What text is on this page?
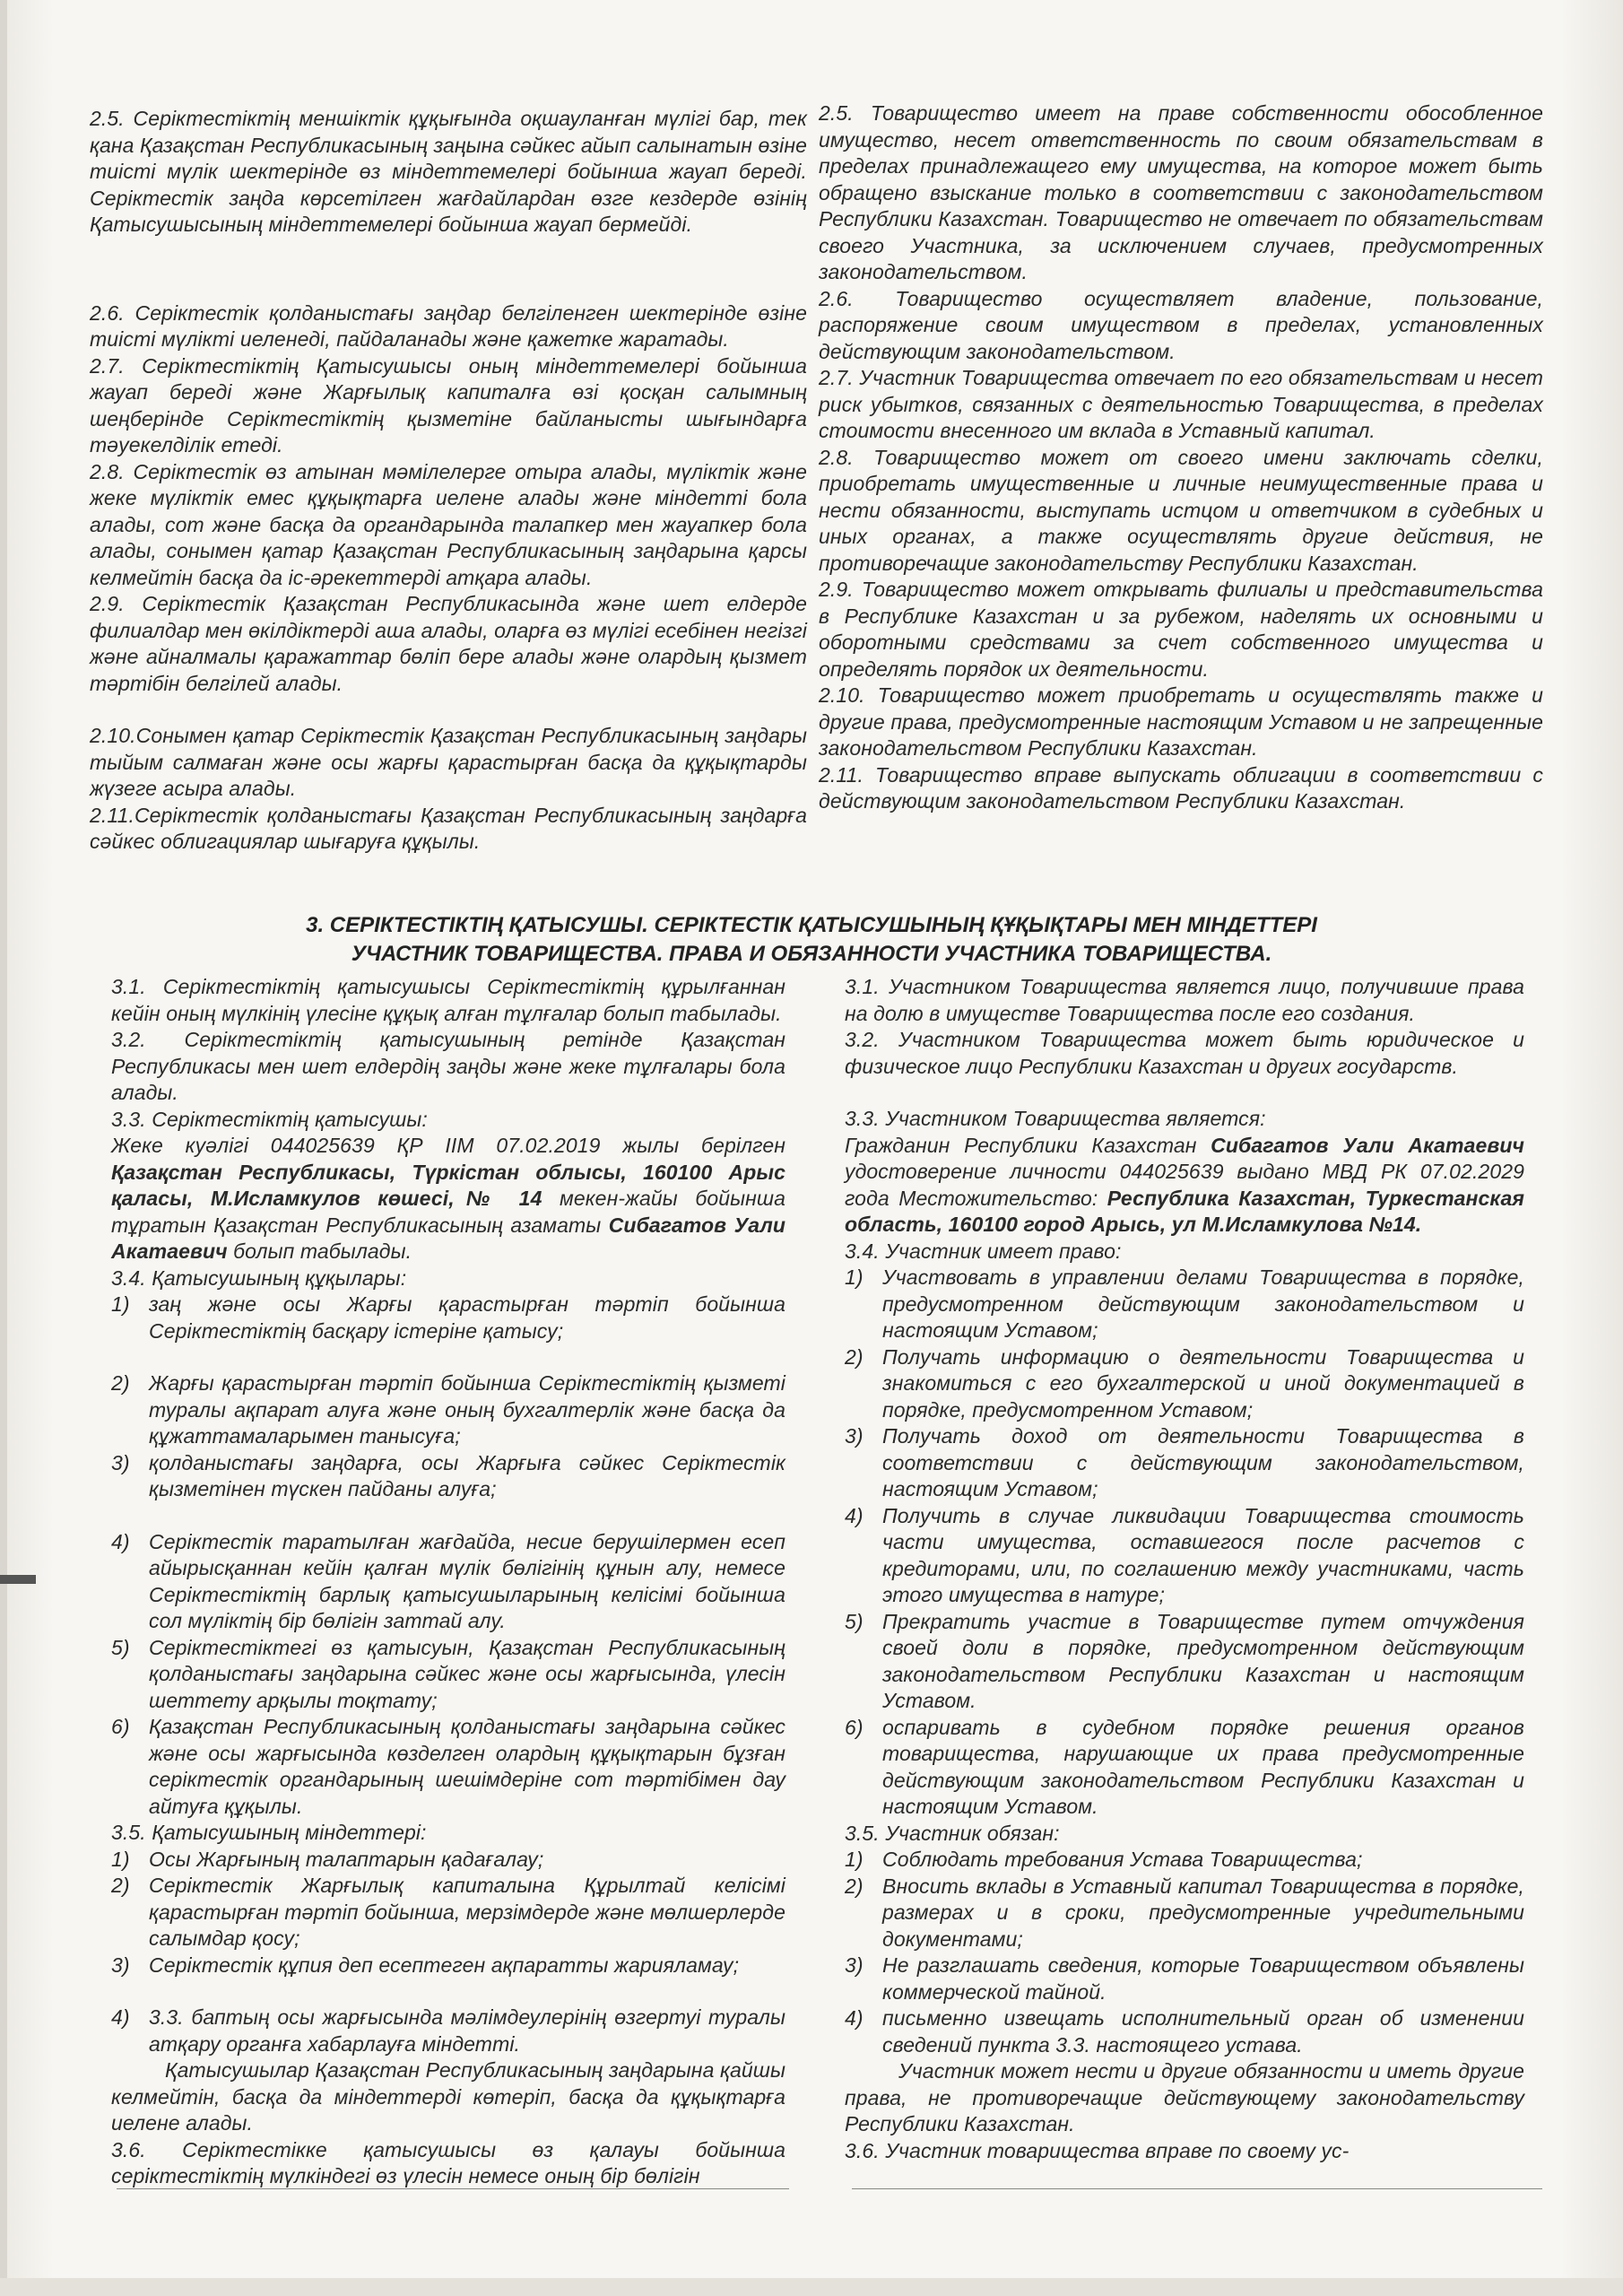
2.5. Серіктестіктің меншіктік құқығында оқшауланған мүлігі бар, тек қана Қазақстан Республикасының заңына сәйкес айып салынатын өзіне тиісті мүлік шектерінде өз міндеттемелері бойынша жауап береді. Серіктестік заңда көрсетілген жағдайлардан өзге кездерде өзінің Қатысушысының міндеттемелері бойынша жауап бермейді.

2.6. Серіктестік қолданыстағы заңдар белгіленген шектерінде өзіне тиісті мүлікті иеленеді, пайдаланады және қажетке жаратады.

2.7. Серіктестіктің Қатысушысы оның міндеттемелері бойынша жауап береді және Жарғылық капиталға өзі қосқан салымның шеңберінде Серіктестіктің қызметіне байланысты шығындарға тәуекелділік етеді.

2.8. Серіктестік өз атынан мәмілелерге отыра алады, мүліктік және жеке мүліктік емес құқықтарға иелене алады және міндетті бола алады, сот және басқа да органдарында талапкер мен жауапкер бола алады, сонымен қатар Қазақстан Республикасының заңдарына қарсы келмейтін басқа да іс-әрекеттерді атқара алады.

2.9. Серіктестік Қазақстан Республикасында және шет елдерде филиалдар мен өкілдіктерді аша алады, оларға өз мүлігі есебінен негізгі және айналмалы қаражаттар бөліп бере алады және олардың қызмет тәртібін белгілей алады.

2.10.Сонымен қатар Серіктестік Қазақстан Республикасының заңдары тыйым салмаған және осы жарғы қарастырған басқа да құқықтарды жүзеге асыра алады.

2.11.Серіктестік қолданыстағы Қазақстан Республикасының заңдарға сәйкес облигациялар шығаруға құқылы.

2.5. Товарищество имеет на праве собственности обособленное имущество, несет ответственность по своим обязательствам в пределах принадлежащего ему имущества, на которое может быть обращено взыскание только в соответствии с законодательством Республики Казахстан. Товарищество не отвечает по обязательствам своего Участника, за исключением случаев, предусмотренных законодательством.

2.6. Товарищество осуществляет владение, пользование, распоряжение своим имуществом в пределах, установленных действующим законодательством.

2.7. Участник Товарищества отвечает по его обязательствам и несет риск убытков, связанных с деятельностью Товарищества, в пределах стоимости внесенного им вклада в Уставный капитал.

2.8. Товарищество может от своего имени заключать сделки, приобретать имущественные и личные неимущественные права и нести обязанности, выступать истцом и ответчиком в судебных и иных органах, а также осуществлять другие действия, не противоречащие законодательству Республики Казахстан.

2.9. Товарищество может открывать филиалы и представительства в Республике Казахстан и за рубежом, наделять их основными и оборотными средствами за счет собственного имущества и определять порядок их деятельности.

2.10. Товарищество может приобретать и осуществлять также и другие права, предусмотренные настоящим Уставом и не запрещенные законодательством Республики Казахстан.

2.11. Товарищество вправе выпускать облигации в соответствии с действующим законодательством Республики Казахстан.

3. СЕРІКТЕСТІКТІҢ ҚАТЫСУШЫ. СЕРІКТЕСТІК ҚАТЫСУШЫНЫҢ ҚҰҚЫҚТАРЫ МЕН МІНДЕТТЕРІ
УЧАСТНИК ТОВАРИЩЕСТВА. ПРАВА И ОБЯЗАННОСТИ УЧАСТНИКА ТОВАРИЩЕСТВА.

3.1. Серіктестіктің қатысушысы Серіктестіктің құрылғаннан кейін оның мүлкінің үлесіне құқық алған тұлғалар болып табылады.

3.2. Серіктестіктің қатысушының ретінде Қазақстан Республикасы мен шет елдердің заңды және жеке тұлғалары бола алады.

3.3. Серіктестіктің қатысушы:

Жеке куәлігі 044025639 ҚР ІІМ 07.02.2019 жылы берілген Қазақстан Республикасы, Түркістан облысы, 160100 Арыс қаласы, М.Исламкулов көшесі,№ 14 мекен-жайы бойынша тұратын Қазақстан Республикасының азаматы Сибагатов Уали Акатаевич болып табылады.

3.4. Қатысушының құқылары:

1) заң және осы Жарғы қарастырған тәртіп бойынша Серіктестіктің басқару істеріне қатысу;
2) Жарғы қарастырған тәртіп бойынша Серіктестіктің қызметі туралы ақпарат алуға және оның бухгалтерлік және басқа да құжаттамаларымен танысуға;
3) қолданыстағы заңдарға, осы Жарғыға сәйкес Серіктестік қызметінен түскен пайданы алуға;
4) Серіктестік таратылған жағдайда, несие берушілермен есеп айырысқаннан кейін қалған мүлік бөлігінің құнын алу, немесе Серіктестіктің барлық қатысушыларының келісімі бойынша сол мүліктің бір бөлігін заттай алу.
5) Серіктестіктегі өз қатысуын, Қазақстан Республикасының қолданыстағы заңдарына сәйкес және осы жарғысында, үлесін шеттету арқылы тоқтату;
6) Қазақстан Республикасының қолданыстағы заңдарына сәйкес және осы жарғысында көзделген олардың құқықтарын бұзған серіктестік органдарының шешімдеріне сот тәртібімен дау айтуға құқылы.

3.5. Қатысушының міндеттері:

1) Осы Жарғының талаптарын қадағалау;
2) Серіктестік Жарғылық капиталына Құрылтай келісімі қарастырған тәртіп бойынша, мерзімдерде және мөлшерлерде салымдар қосу;
3) Серіктестік құпия деп есептеген ақпаратты жарияламау;
4) 3.3. баптың осы жарғысында мәлімдеулерінің өзгертуі туралы атқару органға хабарлауға міндетті.

Қатысушылар Қазақстан Республикасының заңдарына қайшы келмейтін, басқа да міндеттерді көтеріп, басқа да құқықтарға иелене алады.

3.6. Серіктестікке қатысушысы өз қалауы бойынша серіктестіктің мүлкіндегі өз үлесін немесе оның бір бөлігін

3.1. Участником Товарищества является лицо, получившие права на долю в имуществе Товарищества после его создания.

3.2. Участником Товарищества может быть юридическое и физическое лицо Республики Казахстан и других государств.

3.3. Участником Товарищества является:

Гражданин Республики Казахстан Сибагатов Уали Акатаевич удостоверение личности 044025639 выдано МВД РК 07.02.2029 года Местожительство: Республика Казахстан, Туркестанская область, 160100 город Арысь, ул М.Исламкулова №14.

3.4. Участник имеет право:

1) Участвовать в управлении делами Товарищества в порядке, предусмотренном действующим законодательством и настоящим Уставом;
2) Получать информацию о деятельности Товарищества и знакомиться с его бухгалтерской и иной документацией в порядке, предусмотренном Уставом;
3) Получать доход от деятельности Товарищества в соответствии с действующим законодательством, настоящим Уставом;
4) Получить в случае ликвидации Товарищества стоимость части имущества, оставшегося после расчетов с кредиторами, или, по соглашению между участниками, часть этого имущества в натуре;
5) Прекратить участие в Товариществе путем отчуждения своей доли в порядке, предусмотренном действующим законодательством Республики Казахстан и настоящим Уставом.
6) оспаривать в судебном порядке решения органов товарищества, нарушающие их права предусмотренные действующим законодательством Республики Казахстан и настоящим Уставом.

3.5. Участник обязан:

1) Соблюдать требования Устава Товарищества;
2) Вносить вклады в Уставный капитал Товарищества в порядке, размерах и в сроки, предусмотренные учредительными документами;
3) Не разглашать сведения, которые Товариществом объявлены коммерческой тайной.
4) письменно извещать исполнительный орган об изменении сведений пункта 3.3. настоящего устава.

Участник может нести и другие обязанности и иметь другие права, не противоречащие действующему законодательству Республики Казахстан.

3.6. Участник товарищества вправе по своему ус-
